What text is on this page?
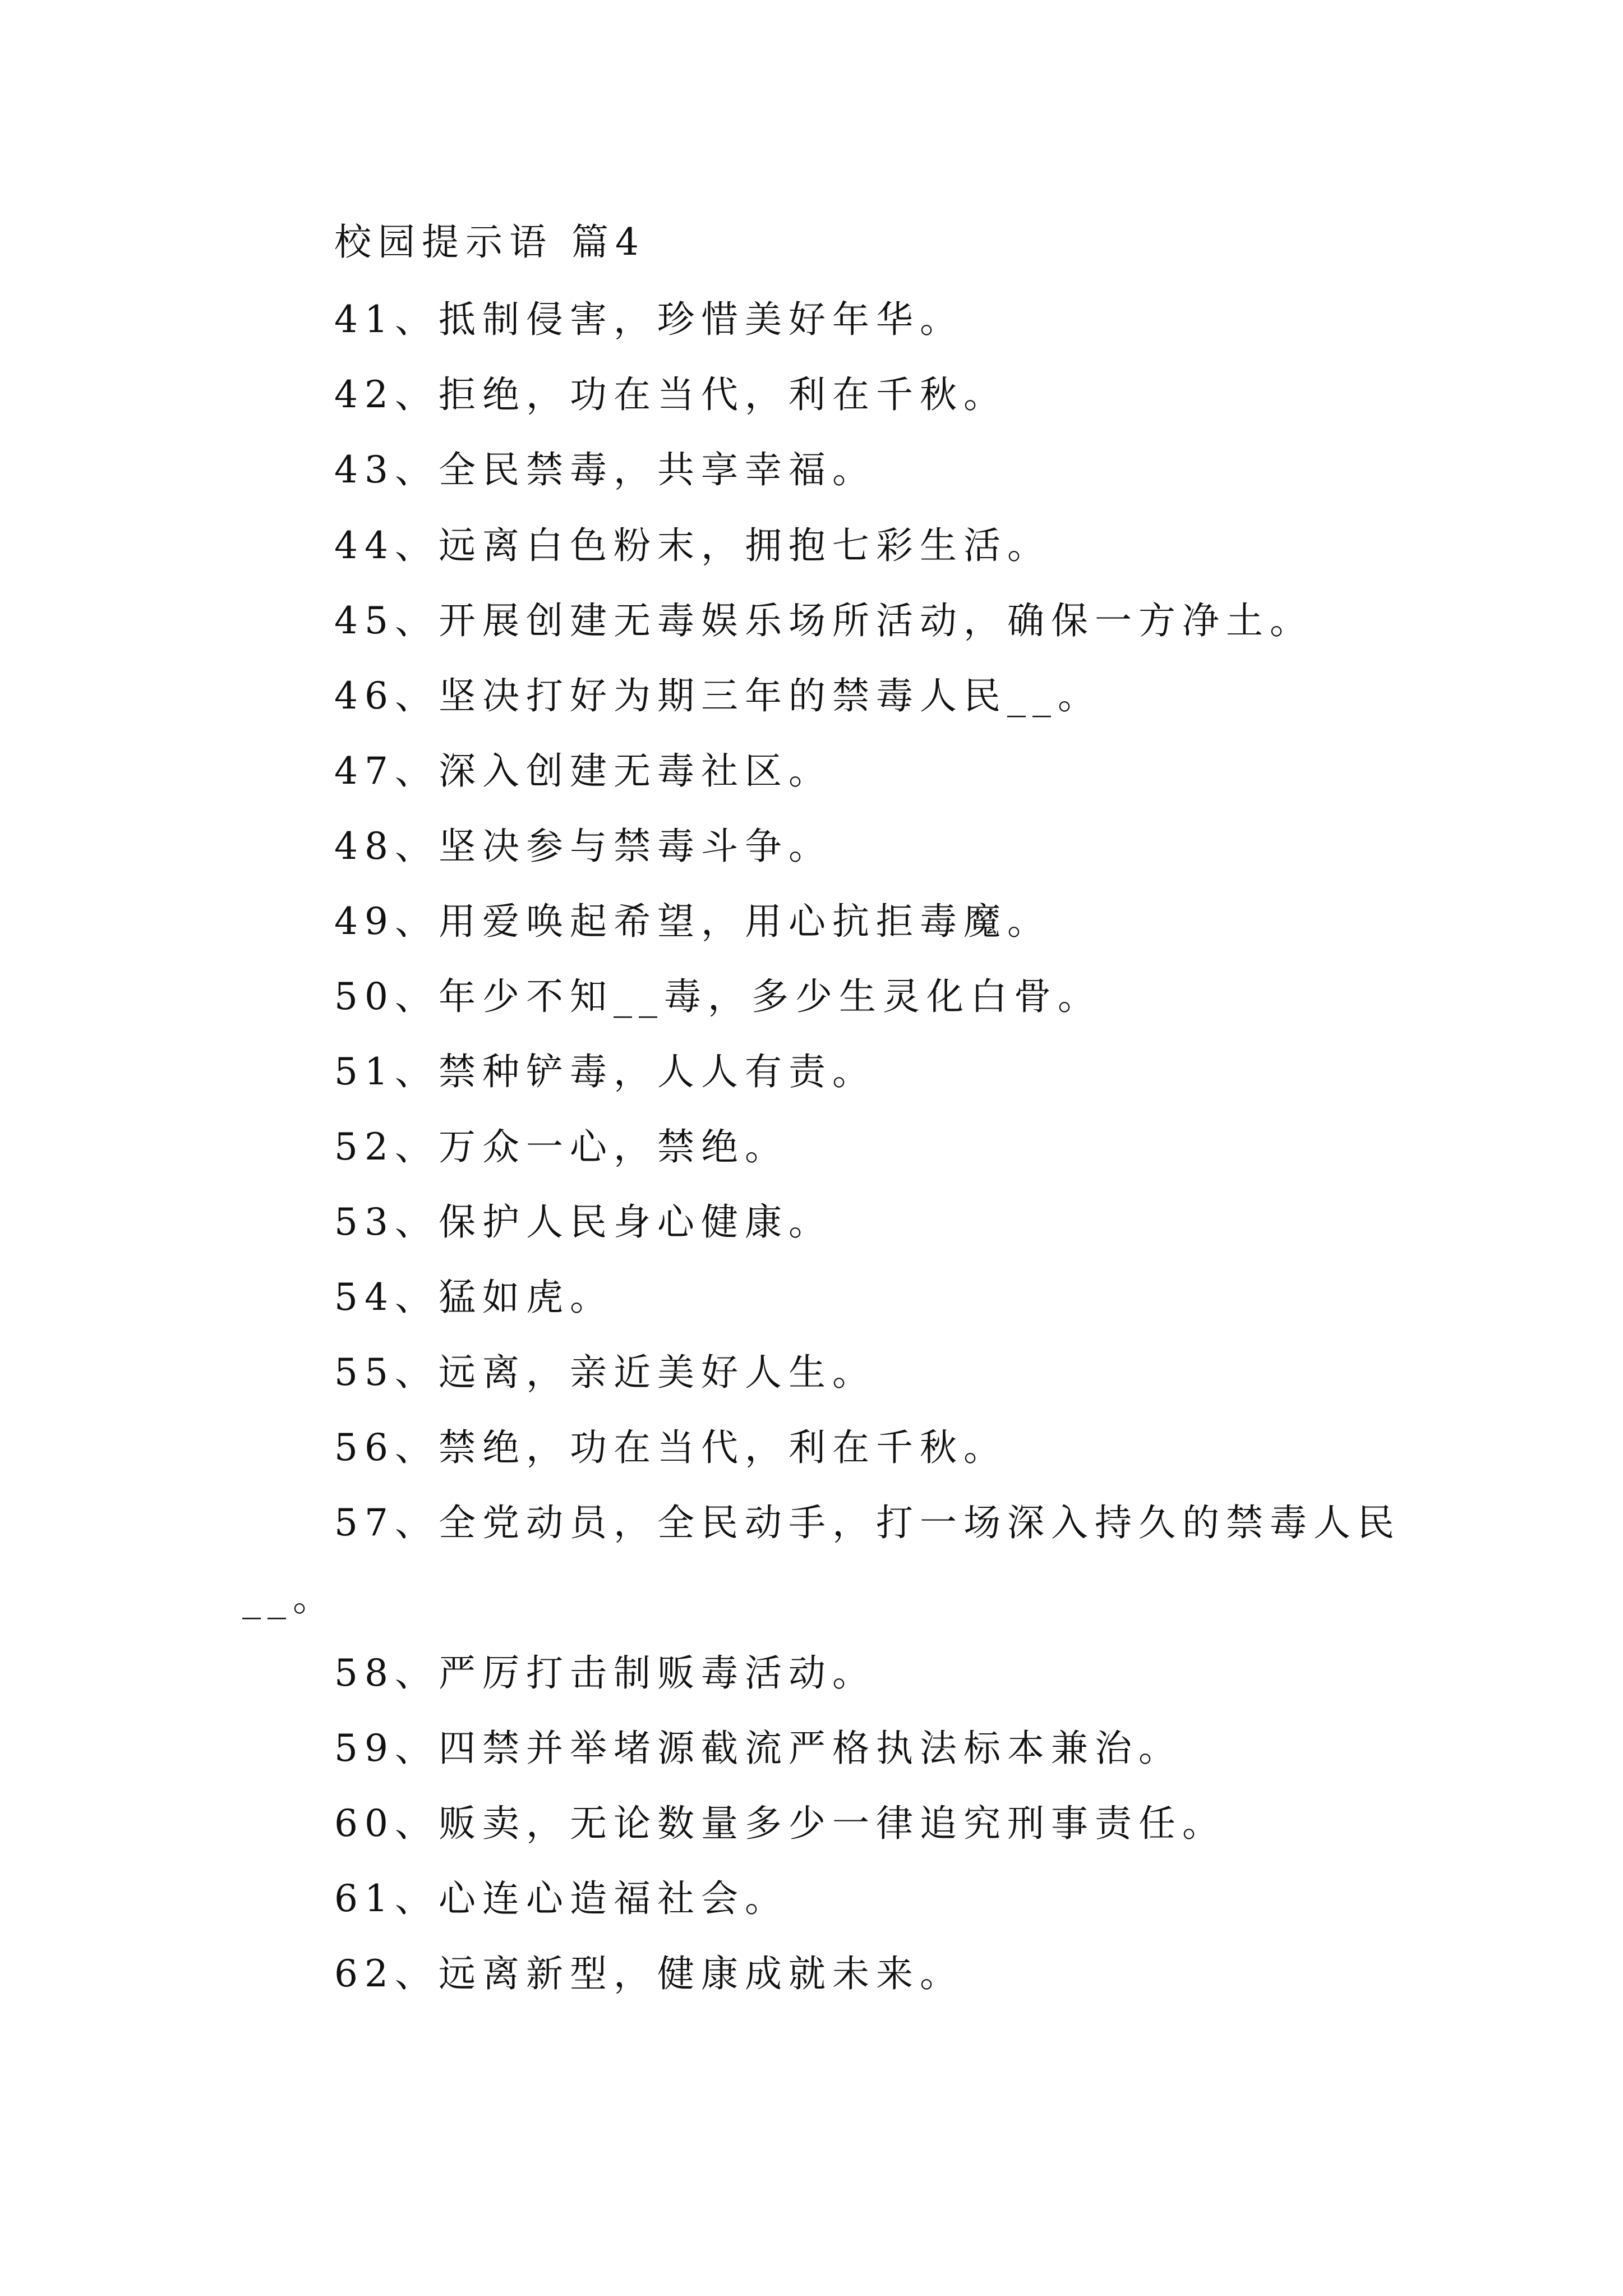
校园提示语 篇4
41、抵制侵害，珍惜美好年华。
42、拒绝，功在当代，利在千秋。
43、全民禁毒，共享幸福。
44、远离白色粉末，拥抱七彩生活。
45、开展创建无毒娱乐场所活动，确保一方净土。
46、坚决打好为期三年的禁毒人民__。
47、深入创建无毒社区。
48、坚决参与禁毒斗争。
49、用爱唤起希望，用心抗拒毒魔。
50、年少不知__毒，多少生灵化白骨。
51、禁种铲毒，人人有责。
52、万众一心，禁绝。
53、保护人民身心健康。
54、猛如虎。
55、远离，亲近美好人生。
56、禁绝，功在当代，利在千秋。
57、全党动员，全民动手，打一场深入持久的禁毒人民
__。
58、严厉打击制贩毒活动。
59、四禁并举堵源截流严格执法标本兼治。
60、贩卖，无论数量多少一律追究刑事责任。
61、心连心造福社会。
62、远离新型，健康成就未来。
